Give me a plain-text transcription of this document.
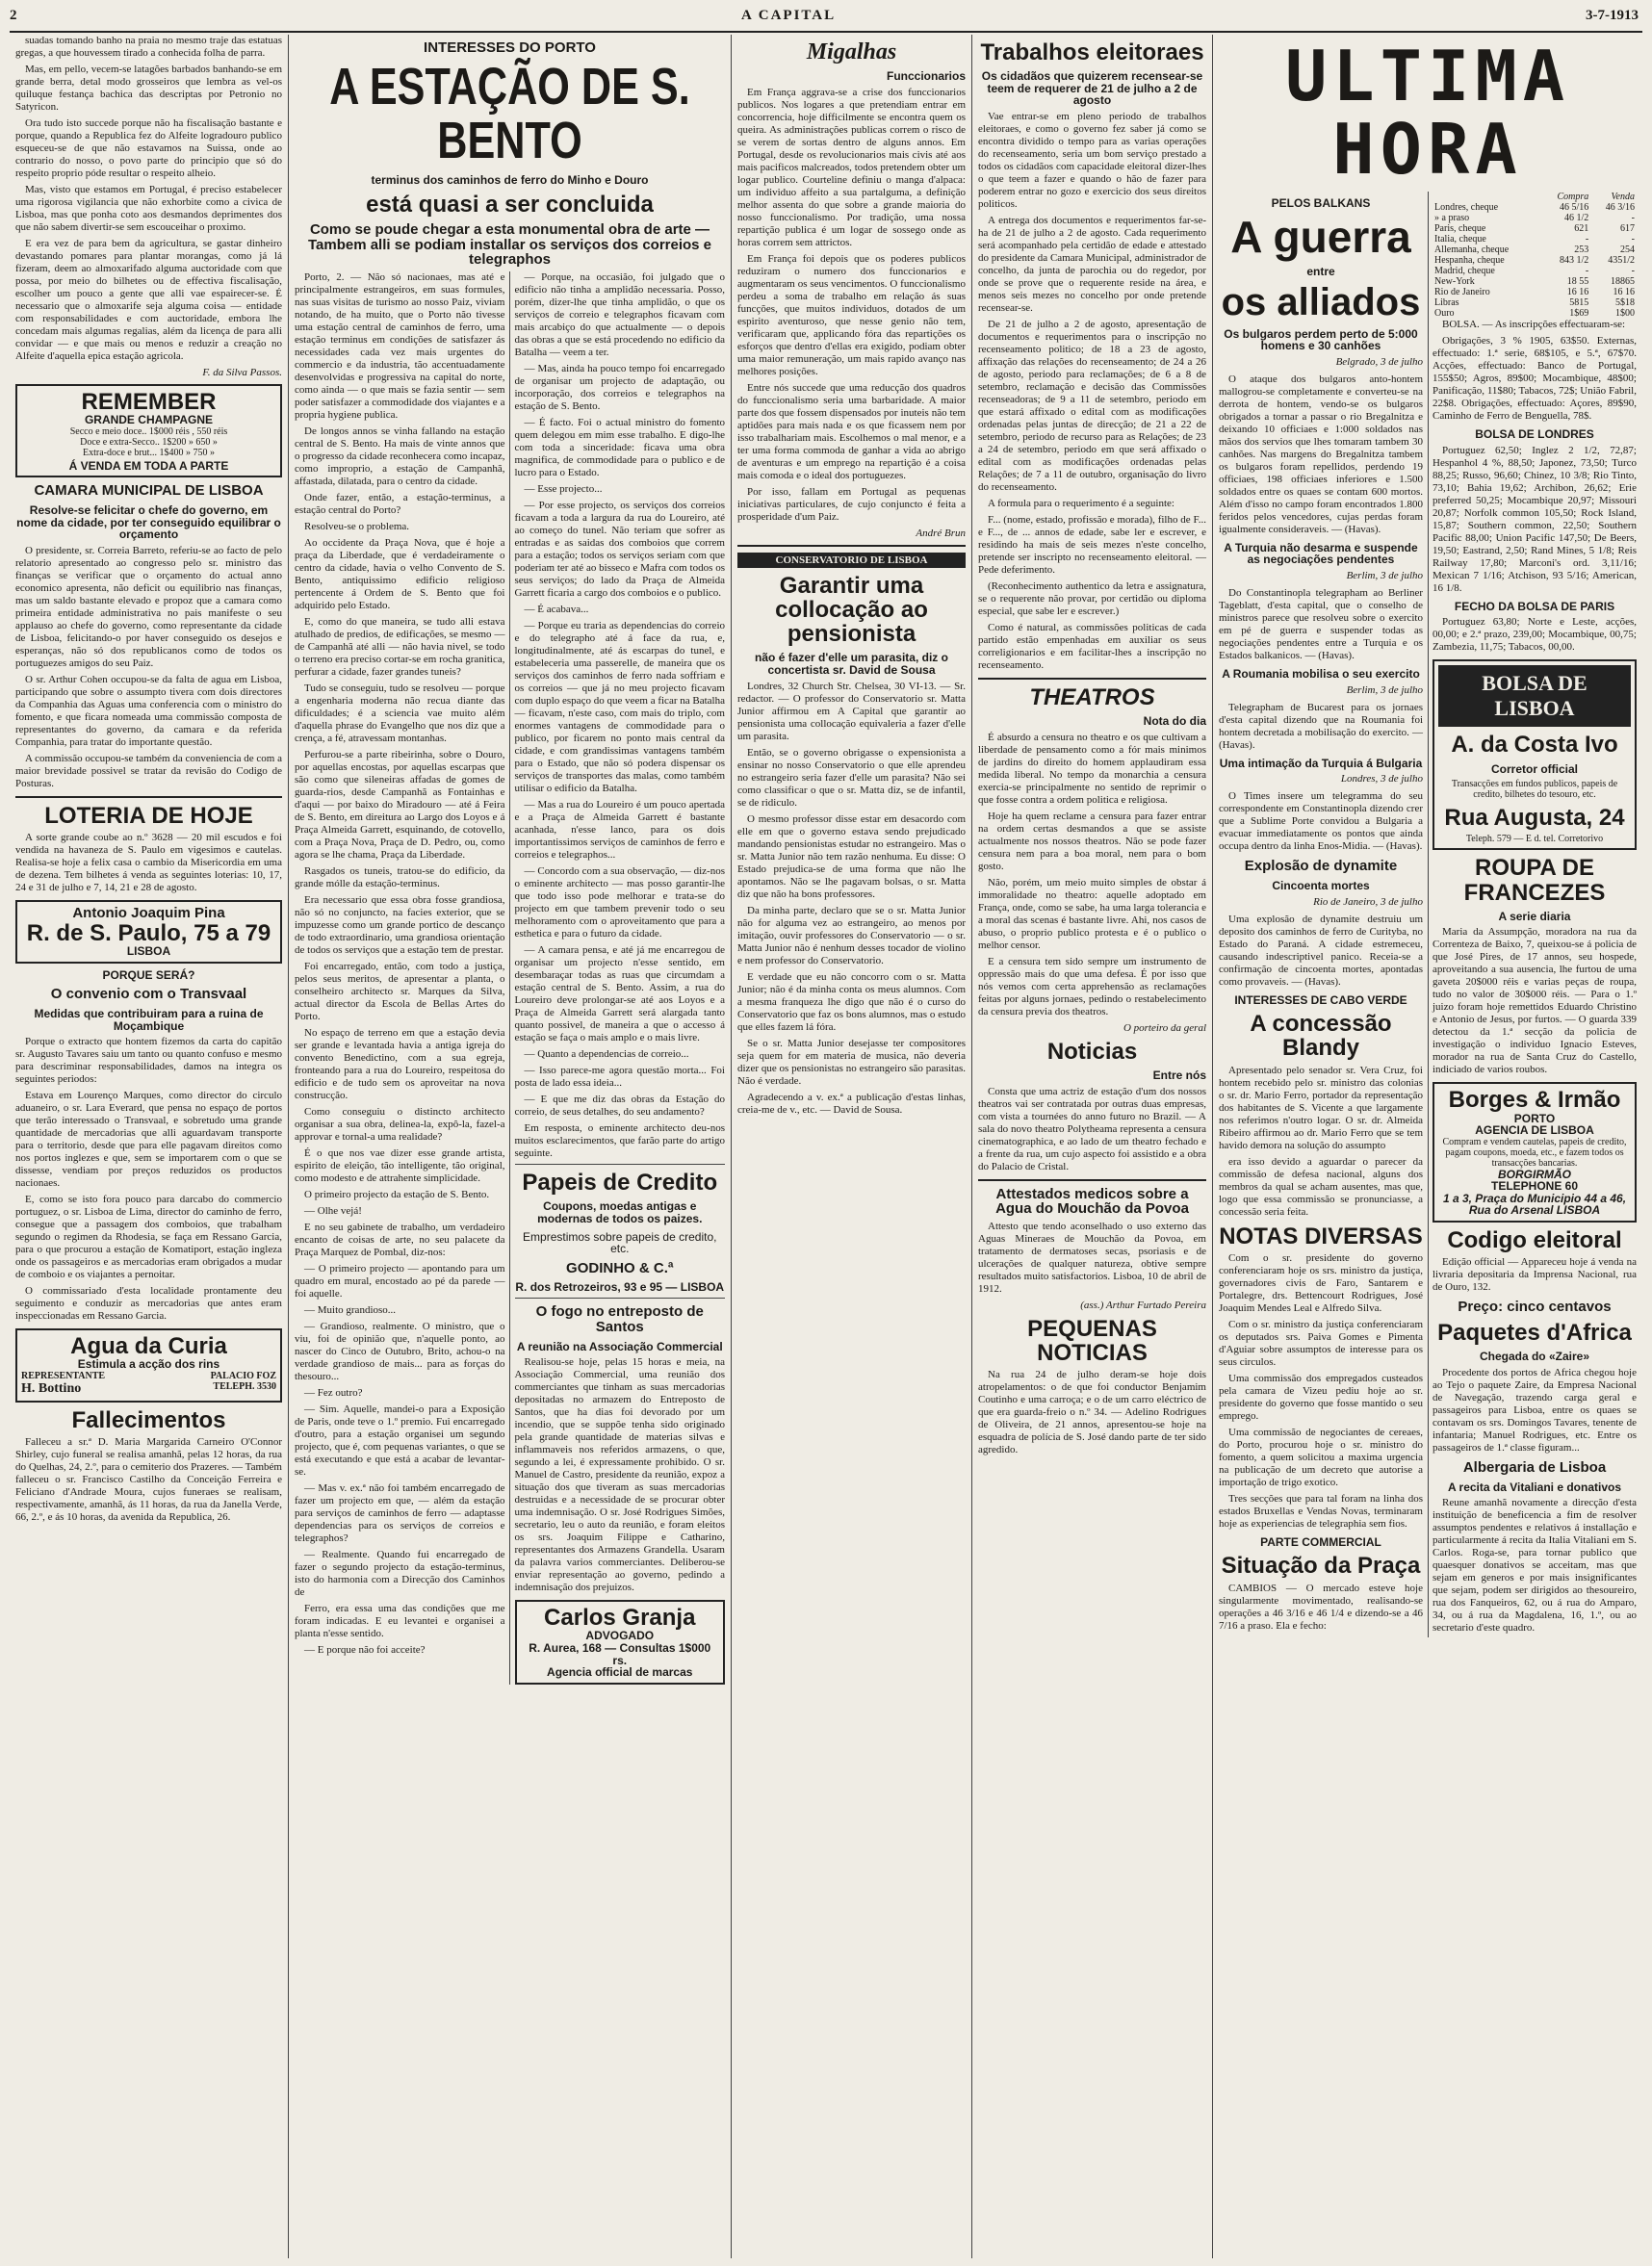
2	A CAPITAL	3-7-1913

suadas tomando banho na praia no mesmo traje das estatuas gregas, a que houvessem tirado a conhecida folha de parra.

Mas, em pello, vecem-se latagões barbados banhando-se em grande berra, detal modo grosseiros que lembra as vel-os quiluque festança bachica das descriptas por Petronio no Satyricon.

Ora tudo isto succede porque não ha fiscalisação bastante e porque, quando a Republica fez do Alfeite logradouro publico esqueceu-se de que não estavamos na Suissa, onde ao contrario do nosso, o povo parte do principio que só do respeito proprio póde resultar o respeito alheio.

Mas, visto que estamos em Portugal, é preciso estabelecer uma rigorosa vigilancia que não exhorbite como a civica de Lisboa, mas que ponha coto aos desmandos deprimentes dos que não sabem divertir-se sem escouceihar o proximo.

E era vez de para bem da agricultura, se gastar dinheiro devastando pomares para plantar morangas, como já lá fizeram, deem ao almoxarifado alguma auctoridade com que possa, por meio do bilhetes ou de effectiva fiscalisação, escolher um pouco a gente que alli vae espairecer-se. É necessario que o almoxarife seja alguma coisa — entidade com responsabilidades e com auctoridade, embora lhe concedam mais algumas regalias, além da licença de para alli convidar — e que mais ou menos e reduzir a creação no Alfeite d'aquella epica estação agricola.

F. da Silva Passos.
REMEMBER
GRANDE CHAMPAGNE
Secco e meio doce.. 1$000 réis , 550 réis
Doce e extra-Secco.. 1$200 » 650 »
Extra-doce e brut... 1$400 » 750 »
Á VENDA EM TODA A PARTE
CAMARA MUNICIPAL DE LISBOA
Resolve-se felicitar o chefe do governo, em nome da cidade, por ter conseguido equilibrar o orçamento

O presidente, sr. Correia Barreto, referiu-se ao facto de pelo relatorio apresentado ao congresso pelo sr. ministro das finanças se verificar que o orçamento do actual anno economico apresenta, não deficit ou equilibrio nas finanças, mas um saldo bastante elevado e propoz que a camara como primeira entidade administrativa no pais manifeste o seu applauso ao chefe do governo, como representante da cidade de Lisboa, felicitando-o por haver conseguido os desejos e esperanças, não só dos republicanos como de todos os portuguezes amigos do seu Paiz.

O sr. Arthur Cohen occupou-se da falta de agua em Lisboa, participando que sobre o assumpto tivera com dois directores da Companhia das Aguas uma conferencia com o ministro do fomento, e que ficara nomeada uma commissão composta de representantes do governo, da camara e da referida Companhia, para tratar do importante questão.

A commissão occupou-se também da conveniencia de com a maior brevidade possivel se tratar da revisão do Codigo de Posturas.

LOTERIA DE HOJE

A sorte grande coube ao n.º 3628 — 20 mil escudos e foi vendida na havaneza de S. Paulo em vigesimos e cautelas. Realisa-se hoje a felix casa o cambio da Misericordia em uma de dezena. Tem bilhetes á venda as seguintes loterias: 10, 17, 24 e 31 de julho e 7, 14, 21 e 28 de agosto.

Antonio Joaquim Pina
R. de S. Paulo, 75 a 79
LISBOA
PORQUE SERÁ?
O convenio com o Transvaal
Medidas que contribuiram para a ruina de Moçambique

Porque o extracto que hontem fizemos da carta do capitão sr. Augusto Tavares saiu um tanto ou quanto confuso e mesmo para descriminar responsabilidades, damos na integra os seguintes periodos:

Estava em Lourenço Marques, como director do circulo aduaneiro, o sr. Lara Everard, que pensa no espaço de portos que terão interessado o Transvaal, e sobretudo uma grande quantidade de mercadorias que alli aguardavam transporte para o territorio, desde que para elle pagavam direitos como nos portos inglezes e que, sem se importarem com o que se dissesse, vendiam por preços reduzidos os productos nacionaes.

E, como se isto fora pouco para darcabo do commercio portuguez, o sr. Lisboa de Lima, director do caminho de ferro, consegue que a passagem dos comboios, que trabalham segundo o regimen da Rhodesia, se faça em Ressano Garcia, para o que procurou a estação de Komatiport, estação ingleza onde os passageiros e as mercadorias eram obrigados a mudar de comboio e os viajantes a pernoitar.

O commissariado d'esta localidade prontamente deu seguimento e conduzir as mercadorias que antes eram inspeccionadas em Ressano Garcia.

Agua da Curia
Estimula a acção dos rins
REPRESENTANTE	PALACIO FOZ
H. Bottino	TELEPH. 3530
Fallecimentos

Falleceu a sr.ª D. Maria Margarida Carneiro O'Connor Shirley, cujo funeral se realisa amanhã, pelas 12 horas, da rua do Quelhas, 24, 2.º, para o cemiterio dos Prazeres. — Também falleceu o sr. Francisco Castilho da Conceição Ferreira e Feliciano d'Andrade Moura, cujos funeraes se realisam, respectivamente, amanhã, ás 11 horas, da rua da Janella Verde, 66, 2.º, e ás 10 horas, da avenida da Republica, 26.

INTERESSES DO PORTO
A ESTAÇÃO DE S. BENTO
terminus dos caminhos de ferro do Minho e Douro
está quasi a ser concluida
Como se poude chegar a esta monumental obra de arte — Tambem alli se podiam installar os serviços dos correios e telegraphos

Porto, 2. — Não só nacionaes, mas até e principalmente estrangeiros, em suas formules, nas suas visitas de turismo ao nosso Paiz, viviam notando, de ha muito, que o Porto não tivesse uma estação central de caminhos de ferro, uma estação terminus em condições de satisfazer ás necessidades cada vez mais urgentes do commercio e da industria, tão accentuadamente desenvolvidas e progressiva na capital do norte, como ainda — o que mais se fazia sentir — sem poder satisfazer a commodidade dos viajantes e a propria hygiene publica.

De longos annos se vinha fallando na estação central de S. Bento. Ha mais de vinte annos que o progresso da cidade reconhecera como incapaz, como improprio, a estação de Campanhã, affastada, dilatada, para o centro da cidade.

Onde fazer, então, a estação-terminus, a estação central do Porto?

Resolveu-se o problema.

Ao occidente da Praça Nova, que é hoje a praça da Liberdade, que é verdadeiramente o centro da cidade, havia o velho Convento de S. Bento, antiquissimo edificio religioso pertencente á Ordem de S. Bento que foi adquirido pelo Estado.

E, como do que maneira, se tudo alli estava atulhado de predios, de edificações, se mesmo — de Campanhã até alli — não havia nivel, se todo o terreno era preciso cortar-se em rocha granitica, perfurar a cidade, fazer grandes tuneis?

Tudo se conseguiu, tudo se resolveu — porque a engenharia moderna não recua diante das dificuldades; é a sciencia vae muito além d'aquella phrase do Evangelho que nos diz que a crença, a fé, atravessam montanhas.

Perfurou-se a parte ribeirinha, sobre o Douro, por aquellas encostas, por aquellas escarpas que são como que sileneiras affadas de gomes de guarda-rios, desde Campanhã as Fontainhas e d'aqui — por baixo do Miradouro — até á Feira de S. Bento, em direitura ao Largo dos Loyos e á Praça Almeida Garrett, esquinando, de cotovello, com a Praça Nova, Praça de D. Pedro, ou, como agora se lhe chama, Praça da Liberdade.

Rasgados os tuneis, tratou-se do edificio, da grande mólle da estação-terminus.

Era necessario que essa obra fosse grandiosa, não só no conjuncto, na facies exterior, que se impuzesse como um grande portico de descanço de todo extraordinario, uma grandiosa orientação de todos os serviços que a estação tem de prestar.

Foi encarregado, então, com todo a justiça, pelos seus meritos, de apresentar a planta, o conselheiro architecto sr. Marques da Silva, actual director da Escola de Bellas Artes do Porto.

No espaço de terreno em que a estação devia ser grande e levantada havia a antiga igreja do convento Benedictino, com a sua egreja, fronteando para a rua do Loureiro, respeitosa do edificio e de tudo sem os aproveitar na nova construcção.

Como conseguiu o distincto architecto organisar a sua obra, delinea-la, expô-la, fazel-a approvar e tornal-a uma realidade?

É o que nos vae dizer esse grande artista, espirito de eleição, tão intelligente, tão original, como modesto e de attrahente simplicidade.

O primeiro projecto da estação de S. Bento.

— Olhe vejá!

E no seu gabinete de trabalho, um verdadeiro encanto de coisas de arte, no seu palacete da Praça Marquez de Pombal, diz-nos:

— O primeiro projecto — apontando para um quadro em mural, encostado ao pé da parede — foi aquelle.

— Muito grandioso...

— Grandioso, realmente. O ministro, que o viu, foi de opinião que, n'aquelle ponto, ao nascer do Cinco de Outubro, Brito, achou-o na verdade grandioso de mais... para as forças do thesouro...

— Fez outro?

— Sim. Aquelle, mandei-o para a Exposição de Paris, onde teve o 1.º premio. Fui encarregado d'outro, para a estação organisei um segundo projecto, que é, com pequenas variantes, o que se está executando e que está a acabar de levantar-se.

— Mas v. ex.ª não foi também encarregado de fazer um projecto em que, — além da estação para serviços de caminhos de ferro — adaptasse dependencias para os serviços de correios e telegraphos?

— Realmente. Quando fui encarregado de fazer o segundo projecto da estação-terminus, isto do harmonia com a Direcção dos Caminhos de

Ferro, era essa uma das condições que me foram indicadas. E eu levantei e organisei a planta n'esse sentido.

— E porque não foi acceite?

— Porque, na occasião, foi julgado que o edificio não tinha a amplidão necessaria. Posso, porém, dizer-lhe que tinha amplidão, o que os serviços de correio e telegraphos ficavam com mais arcabiço do que actualmente — o depois das obras a que se está procedendo no edificio da Batalha — veem a ter.

— Mas, ainda ha pouco tempo foi encarregado de organisar um projecto de adaptação, ou incorporação, dos correios e telegraphos na estação de S. Bento.

— É facto. Foi o actual ministro do fomento quem delegou em mim esse trabalho. E digo-lhe com toda a sinceridade: ficava uma obra magnifica, de commodidade para o publico e de lucro para o Estado.

— Esse projecto...

— Por esse projecto, os serviços dos correios ficavam a toda a largura da rua do Loureiro, até ao começo do tunel. Não teriam que sofrer as entradas e as saidas dos comboios que correm para a estação; todos os serviços seriam com que poderiam ter até ao bisseco e Mafra com todos os seus serviços; do lado da Praça de Almeida Garrett ficaria a cargo dos comboios e o publico.

— É acabava...

— Porque eu traria as dependencias do correio e do telegrapho até á face da rua, e, longitudinalmente, até ás escarpas do tunel, e estabeleceria uma passerelle, de maneira que os serviços dos caminhos de ferro nada soffriam e os correios — que já no meu projecto ficavam com duplo espaço do que veem a ficar na Batalha — ficavam, n'este caso, com mais do triplo, com enormes vantagens de commodidade para o publico, por ficarem no ponto mais central da cidade, e com grandissimas vantagens também para o Estado, que não só podera dispensar os serviços de transportes das malas, como também utilisar o edificio da Batalha.

— Mas a rua do Loureiro é um pouco apertada e a Praça de Almeida Garrett é bastante acanhada, n'esse lanco, para os dois importantissimos serviços de caminhos de ferro e correios e telegraphos...

— Concordo com a sua observação, — diz-nos o eminente architecto — mas posso garantir-lhe que todo isso pode melhorar e trata-se do projecto em que tambem prevenir todo o seu melhoramento com o aproveitamento que para a esthetica e para o futuro da cidade.

— A camara pensa, e até já me encarregou de organisar um projecto n'esse sentido, em desembaraçar todas as ruas que circumdam a estação central de S. Bento. Assim, a rua do Loureiro deve prolongar-se até aos Loyos e a Praça de Almeida Garrett será alargada tanto quanto possivel, de maneira a que o accesso á estação se faça o mais amplo e o mais livre.

— Quanto a dependencias de correio...

— Isso parece-me agora questão morta... Foi posta de lado essa ideia...

— E que me diz das obras da Estação do correio, de seus detalhes, do seu andamento?

Em resposta, o eminente architecto deu-nos muitos esclarecimentos, que farão parte do artigo seguinte.

Papeis de Credito
Coupons, moedas antigas e modernas de todos os paizes.
Emprestimos sobre papeis de credito, etc.
GODINHO & C.ª
R. dos Retrozeiros, 93 e 95 — LISBOA
O fogo no entreposto de Santos
A reunião na Associação Commercial

Realisou-se hoje, pelas 15 horas e meia, na Associação Commercial, uma reunião dos commerciantes que tinham as suas mercadorias depositadas no armazem do Entreposto de Santos, que ha dias foi devorado por um incendio, que se suppõe tenha sido originado pela grande quantidade de materias silvas e inflammaveis nos referidos armazens, o que, segundo a lei, é expressamente prohibido. O sr. Manuel de Castro, presidente da reunião, expoz a situação dos que tiveram as suas mercadorias destruidas e a necessidade de se procurar obter uma indemnisação. O sr. José Rodrigues Simões, secretario, leu o auto da reunião, e foram eleitos os srs. Joaquim Filippe e Catharino, representantes dos Armazens Grandella. Usaram da palavra varios commerciantes. Deliberou-se enviar representação ao governo, pedindo a indemnisação dos prejuizos.

Carlos Granja
ADVOGADO
R. Aurea, 168 — Consultas 1$000 rs.
Agencia official de marcas
Migalhas
Funccionarios

Em França aggrava-se a crise dos funccionarios publicos. Nos logares a que pretendiam entrar em concorrencia, hoje difficilmente se encontra quem os queira. As administrações publicas correm o risco de se verem de sortas dentro de alguns annos. Em Portugal, desde os revolucionarios mais civis até aos mais pacificos malcreados, todos pretendem obter um logar publico. Courteline definiu o manga d'alpaca: um individuo affeito a sua partalguma, a definição melhor assenta do que sobre a grande maioria do nosso funccionalismo. Por tradição, uma nossa repartição publica é um logar de sossego onde as horas correm sem attrictos.

Em França foi depois que os poderes publicos reduziram o numero dos funccionarios e augmentaram os seus vencimentos. O funccionalismo perdeu a soma de trabalho em relação ás suas funcções, que muitos individuos, dotados de um espirito aventuroso, que nesse genio não tem, verificaram que, applicando fóra das repartições os esforços que dentro d'ellas era exigido, podiam obter uma maior remuneração, um mais rapido avanço nas melhores posições.

Entre nós succede que uma reducção dos quadros do funccionalismo seria uma barbaridade. A maior parte dos que fossem dispensados por inuteis não tem aptidões para mais nada e os que ficassem nem por isso trabalhariam mais. Escolhemos o mal menor, e a ter uma forma commoda de ganhar a vida ao abrigo de aventuras e um emprego na repartição é a coisa mais comoda e o ideal dos portuguezes.

Por isso, fallam em Portugal as pequenas iniciativas particulares, de cujo conjuncto é feita a prosperidade d'um Paiz.

André Brun
CONSERVATORIO DE LISBOA
Garantir uma collocação ao pensionista
não é fazer d'elle um parasita, diz o concertista sr. David de Sousa

Londres, 32 Church Str. Chelsea, 30 VI-13. — Sr. redactor. — O professor do Conservatorio sr. Matta Junior affirmou em A Capital que garantir ao pensionista uma collocação equivaleria a fazer d'elle um parasita.

Então, se o governo obrigasse o expensionista a ensinar no nosso Conservatorio o que elle aprendeu no estrangeiro seria fazer d'elle um parasita? Não sei como classificar o que o sr. Matta diz, se de infantil, se de ridiculo.

O mesmo professor disse estar em desacordo com elle em que o governo estava sendo prejudicado mandando pensionistas estudar no estrangeiro. Mas o sr. Matta Junior não tem razão nenhuma. Eu disse: O Estado prejudica-se de uma forma que não lhe apontamos. Não se lhe pagavam bolsas, o sr. Matta diz que não ha bons professores.

Da minha parte, declaro que se o sr. Matta Junior não for alguma vez ao estrangeiro, ao menos por imitação, ouvir professores do Conservatorio — o sr. Matta Junior não é nenhum desses tocador de violino e nem professor do Conservatorio.

E verdade que eu não concorro com o sr. Matta Junior; não é da minha conta os meus alumnos. Com a mesma franqueza lhe digo que não é o curso do Conservatorio que faz os bons alumnos, mas o estudo que elles fazem lá fóra.

Se o sr. Matta Junior desejasse ter compositores seja quem for em materia de musica, não deveria dizer que os pensionistas no estrangeiro são parasitas. Não é verdade.

Agradecendo a v. ex.ª a publicação d'estas linhas, creia-me de v., etc. — David de Sousa.

Trabalhos eleitoraes
Os cidadãos que quizerem recensear-se teem de requerer de 21 de julho a 2 de agosto

Vae entrar-se em pleno periodo de trabalhos eleitoraes, e como o governo fez saber já como se encontra dividido o tempo para as varias operações do recenseamento, seria um bom serviço prestado a todos os cidadãos com capacidade eleitoral dizer-lhes o que teem a fazer e quando o hão de fazer para poderem entrar no gozo e exercicio dos seus direitos politicos.

A entrega dos documentos e requerimentos far-se-ha de 21 de julho a 2 de agosto. Cada requerimento será acompanhado pela certidão de edade e attestado do presidente da Camara Municipal, administrador de concelho, da junta de parochia ou do regedor, por onde se prove que o requerente reside na área, e menos seis mezes no concelho por onde pretende recensear-se.

De 21 de julho a 2 de agosto, apresentação de documentos e requerimentos para o inscripção no recenseamento politico; de 18 a 23 de agosto, affixação das relações do recenseamento; de 24 a 26 de agosto, periodo para reclamações; de 6 a 8 de setembro, reclamação e decisão das Commissões recenseadoras; de 9 a 11 de setembro, periodo em que estará affixado o edital com as modificações ordenadas pelas juntas de direcção; de 21 a 22 de setembro, periodo de recurso para as Relações; de 23 a 24 de setembro, periodo em que será affixado o edital com as modificações ordenadas pelas Relações; de 7 a 11 de outubro, organisação do livro do recenseamento.

A formula para o requerimento é a seguinte:

F... (nome, estado, profissão e morada), filho de F... e F..., de ... annos de edade, sabe ler e escrever, e residindo ha mais de seis mezes n'este concelho, pretende ser inscripto no recenseamento eleitoral. — Pede deferimento.

(Reconhecimento authentico da letra e assignatura, se o requerente não provar, por certidão ou diploma especial, que sabe ler e escrever.)

Como é natural, as commissões politicas de cada partido estão empenhadas em auxiliar os seus correligionarios e em facilitar-lhes a inscripção no recenseamento.

THEATROS
Nota do dia

É absurdo a censura no theatro e os que cultivam a liberdade de pensamento como a fór mais minimos de jardins do direito do homem applaudiram essa medida liberal. No tempo da monarchia a censura exercia-se principalmente no sentido de reprimir o que fosse contra a ordem politica e religiosa.

Hoje ha quem reclame a censura para fazer entrar na ordem certas desmandos a que se assiste actualmente nos nossos theatros. Não se pode fazer censura nem para a boa moral, nem para o bom gosto.

Não, porém, um meio muito simples de obstar á immoralidade no theatro: aquelle adoptado em França, onde, como se sabe, ha uma larga tolerancia e a moral das scenas é bastante livre. Ahi, nos casos de abuso, o proprio publico protesta e é o publico o melhor censor.

E a censura tem sido sempre um instrumento de oppressão mais do que uma defesa. É por isso que nós vemos com certa apprehensão as reclamações feitas por alguns jornaes, pedindo o restabelecimento da censura previa dos theatros.

O porteiro da geral
Noticias
Entre nós

Consta que uma actriz de estação d'um dos nossos theatros vai ser contratada por outras duas empresas, com vista a tournées do anno futuro no Brazil. — A sala do novo theatro Polytheama representa a censura cinematographica, e ao lado de um theatro fechado e a frente da rua, um cujo aspecto foi assistido e a obra do Palacio de Cristal.

Attestados medicos sobre a Agua do Mouchão da Povoa

Attesto que tendo aconselhado o uso externo das Aguas Mineraes de Mouchão da Povoa, em tratamento de dermatoses secas, psoriasis e de ulcerações de qualquer natureza, obtive sempre resultados muito satisfactorios. Lisboa, 10 de abril de 1912.

(ass.) Arthur Furtado Pereira
PEQUENAS NOTICIAS

Na rua 24 de julho deram-se hoje dois atropelamentos: o de que foi conductor Benjamim Coutinho e uma carroça; e o de um carro eléctrico de que era guarda-freio o n.º 34. — Adelino Rodrigues de Oliveira, de 21 annos, apresentou-se hoje na esquadra de polícia de S. José dando parte de ter sido agredido.

ULTIMA HORA
PELOS BALKANS
A guerra
entre
os alliados
Os bulgaros perdem perto de 5:000 homens e 30 canhões
Belgrado, 3 de julho

O ataque dos bulgaros anto-hontem mallogrou-se completamente e converteu-se na derrota de hontem, vendo-se os bulgaros obrigados a tornar a passar o rio Bregalnitza e deixando 10 officiaes e 1:000 soldados nas mãos dos servios que lhes tomaram tambem 30 canhões. Nas margens do Bregalnitza tambem os bulgaros foram repellidos, perdendo 19 officiaes, 198 officiaes inferiores e 1.500 soldados entre os quaes se contam 600 mortos. Além d'isso no campo foram encontrados 1.800 feridos pelos vencedores, cujas perdas foram igualmente consideraveis. — (Havas).

A Turquia não desarma e suspende as negociações pendentes
Berlim, 3 de julho

Do Constantinopla telegrapham ao Berliner Tageblatt, d'esta capital, que o conselho de ministros parece que resolveu sobre o exercito em pé de guerra e suspender todas as negociações pendentes entre a Turquia e os Estados balkanicos. — (Havas).

A Roumania mobilisa o seu exercito
Berlim, 3 de julho

Telegrapham de Bucarest para os jornaes d'esta capital dizendo que na Roumania foi hontem decretada a mobilisação do exercito. — (Havas).

Uma intimação da Turquia á Bulgaria
Londres, 3 de julho

O Times insere um telegramma do seu correspondente em Constantinopla dizendo crer que a Sublime Porte convidou a Bulgaria a evacuar immediatamente os pontos que ainda occupa dentro da linha Enos-Midia. — (Havas).

Explosão de dynamite
Cincoenta mortes
Rio de Janeiro, 3 de julho

Uma explosão de dynamite destruiu um deposito dos caminhos de ferro de Curityba, no Estado do Paraná. A cidade estremeceu, causando indescriptivel panico. Receia-se a confirmação de cincoenta mortes, apontadas como provaveis. — (Havas).

INTERESSES DE CABO VERDE
A concessão Blandy

Apresentado pelo senador sr. Vera Cruz, foi hontem recebido pelo sr. ministro das colonias o sr. dr. Mario Ferro, portador da representação dos habitantes de S. Vicente a que largamente nos referimos n'outro logar. O sr. dr. Almeida Ribeiro affirmou ao dr. Mario Ferro que se tem havido demora na solução do assumpto

era isso devido a aguardar o parecer da commissão de defesa nacional, alguns dos membros da qual se acham ausentes, mas que, logo que essa commissão se pronunciasse, a concessão seria feita.

NOTAS DIVERSAS

Com o sr. presidente do governo conferenciaram hoje os srs. ministro da justiça, governadores civis de Faro, Santarem e Portalegre, drs. Bettencourt Rodrigues, José Joaquim Mendes Leal e Alfredo Silva.

Com o sr. ministro da justiça conferenciaram os deputados srs. Paiva Gomes e Pimenta d'Aguiar sobre assumptos de interesse para os seus circulos.

Uma commissão dos empregados custeados pela camara de Vizeu pediu hoje ao sr. presidente do governo que fosse mantido o seu emprego.

Uma commissão de negociantes de cereaes, do Porto, procurou hoje o sr. ministro do fomento, a quem solicitou a maxima urgencia na publicação de um decreto que autorise a importação de trigo exotico.

Tres secções que para tal foram na linha dos estados Bruxellas e Vendas Novas, terminaram hoje as experiencias de telegraphia sem fios.

PARTE COMMERCIAL
Situação da Praça

CAMBIOS — O mercado esteve hoje singularmente movimentado, realisando-se operações a 46 3/16 e 46 1/4 e dizendo-se a 46 7/16 a praso. Ela e fecho:

	Compra	Venda
Londres, cheque	46 5/16	46 3/16
» a praso	46 1/2	-
Paris, cheque	621	617
Italia, cheque	-	-
Allemanha, cheque	253	254
Hespanha, cheque	843 1/2	4351/2
Madrid, cheque	-	-
New-York	18 55	18865
Rio de Janeiro	16 16	16 16
Libras	5815	5$18
Ouro	1$69	1$00

BOLSA. — As inscripções effectuaram-se:

Obrigações, 3 % 1905, 63$50. Externas, effectuado: 1.ª serie, 68$105, e 5.ª, 67$70. Acções, effectuado: Banco de Portugal, 155$50; Agros, 89$00; Mocambique, 48$00; Panificação, 11$80; Tabacos, 72$; União Fabril, 22$8. Obrigações, effectuado: Açores, 89$90, Caminho de Ferro de Benguella, 78$.

BOLSA DE LONDRES

Portuguez 62,50; Inglez 2 1/2, 72,87; Hespanhol 4 %, 88,50; Japonez, 73,50; Turco 88,25; Russo, 96,60; Chinez, 10 3/8; Rio Tinto, 73,10; Bahia 19,62; Archibon, 26,62; Erie preferred 50,25; Mocambique 20,97; Missouri 20,87; Norfolk common 105,50; Rock Island, 15,87; Southern common, 22,50; Southern Pacific 88,00; Union Pacific 147,50; De Beers, 19,50; Eastrand, 2,50; Rand Mines, 5 1/8; Reis Railway 17,80; Marconi's ord. 3,11/16; Mexican 7 1/16; Atchison, 93 5/16; American, 16 1/8.

FECHO DA BOLSA DE PARIS

Portuguez 63,80; Norte e Leste, acções, 00,00; e 2.ª prazo, 239,00; Mocambique, 00,75; Zambezia, 11,75; Tabacos, 00,00.

BOLSA DE LISBOA
A. da Costa Ivo
Corretor official
Transacções em fundos publicos, papeis de credito, bilhetes do tesouro, etc.
Rua Augusta, 24
Teleph. 579 — E d. tel. Corretorivo
ROUPA DE FRANCEZES
A serie diaria

Maria da Assumpção, moradora na rua da Correnteza de Baixo, 7, queixou-se á policia de que José Pires, de 17 annos, seu hospede, aproveitando a sua ausencia, lhe furtou de uma gaveta 20$000 réis e varias peças de roupa, tudo no valor de 30$000 réis. — Para o 1.º juizo foram hoje remettidos Eduardo Christino e Antonio de Jesus, por furtos. — O guarda 339 detectou da 1.ª secção da policia de investigação o individuo Ignacio Esteves, morador na rua de Santa Cruz do Castello, indiciado de varios roubos.

Borges & Irmão
PORTO
AGENCIA DE LISBOA
Compram e vendem cautelas, papeis de credito, pagam coupons, moeda, etc., e fazem todos os transacções bancarias.
BORGIRMÃO
TELEPHONE 60
1 a 3, Praça do Municipio 44 a 46, Rua do Arsenal LISBOA
Codigo eleitoral

Edição official — Appareceu hoje á venda na livraria depositaria da Imprensa Nacional, rua de Ouro, 132.

Preço: cinco centavos
Paquetes d'Africa
Chegada do «Zaire»

Procedente dos portos de Africa chegou hoje ao Tejo o paquete Zaire, da Empresa Nacional de Navegação, trazendo carga geral e passageiros para Lisboa, entre os quaes se contavam os srs. Domingos Tavares, tenente de infantaria; Manuel Rodrigues, etc. Entre os passageiros de 1.ª classe figuram...

Albergaria de Lisboa
A recita da Vitaliani e donativos

Reune amanhã novamente a direcção d'esta instituição de beneficencia a fim de resolver assumptos pendentes e relativos á installação e particularmente á recita da Italia Vitaliani em S. Carlos. Roga-se, para tornar publico que quaesquer donativos se acceitam, mas que sejam em generos e por mais insignificantes que sejam, podem ser dirigidos ao thesoureiro, rua dos Fanqueiros, 62, ou á rua do Amparo, 34, ou á rua da Magdalena, 16, 1.º, ou ao secretario d'este quadro.
